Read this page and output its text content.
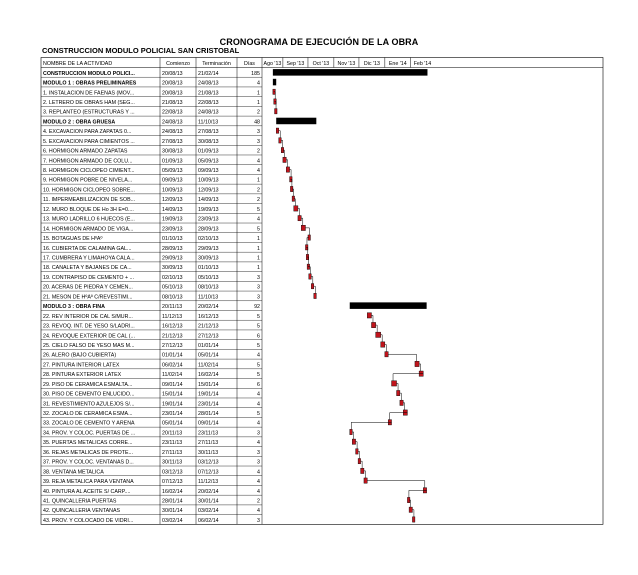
CRONOGRAMA DE EJECUCIÓN DE LA OBRA
CONSTRUCCION MODULO POLICIAL SAN CRISTOBAL
NOMBRE DE LA ACTIVIDAD	Comienzo Terminación	Días Ago '13 Sep '13 Oct '13 Nov '13 Dic '13 Ene '14 Feb '14
CONSTRUCCION MODULO POLICI...	20/08/13	21/02/14	185
MODULO 1 : OBRAS PRELIMINARES	20/08/13	24/08/13	4
1. INSTALACION DE FAENAS (MOV...	20/08/13	21/08/13	1
2. LETRERO DE OBRAS HAM (SEG...	21/08/13	22/08/13	1
3. REPLANTEO (ESTRUCTURAS Y ...	22/08/13	24/08/13	2
MODULO 2 : OBRA GRUESA	24/08/13	11/10/13	48
4. EXCAVACION PARA ZAPATAS 0...	24/08/13	27/08/13	3
5. EXCAVACION PARA CIMIENTOS ...	27/08/13	30/08/13	3
6. HORMIGON ARMADO ZAPATAS	30/08/13	01/09/13	2
7. HORMIGON ARMADO DE COLU...	01/09/13	05/09/13	4
8. HORMIGON CICLOPEO CIMIENT...	05/09/13	09/09/13	4
9. HORMIGON POBRE DE NIVELA...	09/09/13	10/09/13	1
10. HORMIGON CICLOPEO SOBRE...	10/09/13	12/09/13	2
11. IMPERMEABILIZACION DE SOB...	12/09/13	14/09/13	2
12. MURO BLOQUE DE Ho 3H E=0....	14/09/13	19/09/13	5
13. MURO LADRILLO 6 HUECOS (E...	19/09/13	23/09/13	4
14. HORMIGON ARMADO DE VIGA...	23/09/13	28/09/13	5
15. BOTAGUAS DE HºAº	01/10/13	02/10/13	1
16. CUBIERTA DE CALAMINA GAL...	28/09/13	29/09/13	1
17. CUMBRERA Y LIMAHOYA CALA...	29/09/13	30/09/13	1
18. CANALETA Y BAJANES DE CA...	30/09/13	01/10/13	1
19. CONTRAPISO DE CEMENTO + ...	02/10/13	05/10/13	3
20. ACERAS DE PIEDRA Y CEMEN...	05/10/13	08/10/13	3
21. MESON DE HºAº C/REVESTIMI...	08/10/13	11/10/13	3
MODULO 3 : OBRA FINA	20/11/13	20/02/14	92
22. REV INTERIOR DE CAL S/MUR...	11/12/13	16/12/13	5
23. REVOQ. INT. DE YESO S/LADRI...	16/12/13	21/12/13	5
24. REVOQUE EXTERIOR DE CAL (...	21/12/13	27/12/13	6
25. CIELO FALSO DE YESO MAS M...	27/12/13	01/01/14	5
26. ALERO (BAJO CUBIERTA)	01/01/14	05/01/14	4
27. PINTURA INTERIOR LATEX	06/02/14	11/02/14	5
28. PINTURA EXTERIOR LATEX	11/02/14	16/02/14	5
29. PISO DE CERAMICA ESMALTA...	09/01/14	15/01/14	6
30. PISO DE CEMENTO ENLUCIDO...	15/01/14	19/01/14	4
31. REVESTIMIENTO AZULEJOS S/...	19/01/14	23/01/14	4
32. ZOCALO DE CERAMICA ESMA...	23/01/14	28/01/14	5
33. ZOCALO DE CEMENTO Y ARENA	05/01/14	09/01/14	4
34. PROV. Y COLOC. PUERTAS DE ...	20/11/13	23/11/13	3
35. PUERTAS METALICAS CORRE...	23/11/13	27/11/13	4
36. REJAS METALICAS DE PROTE...	27/11/13	30/11/13	3
37. PROV. Y COLOC. VENTANAS D...	30/11/13	03/12/13	3
38. VENTANA METALICA	03/12/13	07/12/13	4
39. REJA METALICA PARA VENTANA	07/12/13	11/12/13	4
40. PINTURA AL ACEITE S/ CARP....	16/02/14	20/02/14	4
41. QUINCALLERIA PUERTAS	28/01/14	30/01/14	2
42. QUINCALLERIA VENTANAS	30/01/14	03/02/14	4
43. PROV. Y COLOCADO DE VIDRI...	03/02/14	06/02/14	3
